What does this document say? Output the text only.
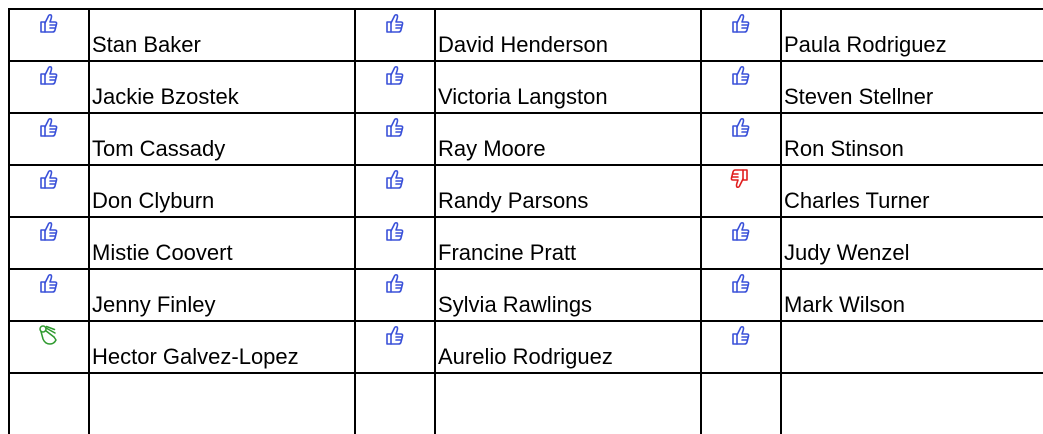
Stan Baker
Jackie Bzostek
Tom Cassady
Don Clyburn
Mistie Coovert
Jenny Finley
Hector Galvez-Lopez
David Henderson
Victoria Langston
Ray Moore
Randy Parsons
Francine Pratt
Sylvia Rawlings
Aurelio Rodriguez
Paula Rodriguez
Steven Stellner
Ron Stinson
Charles Turner
Judy Wenzel
Mark Wilson
